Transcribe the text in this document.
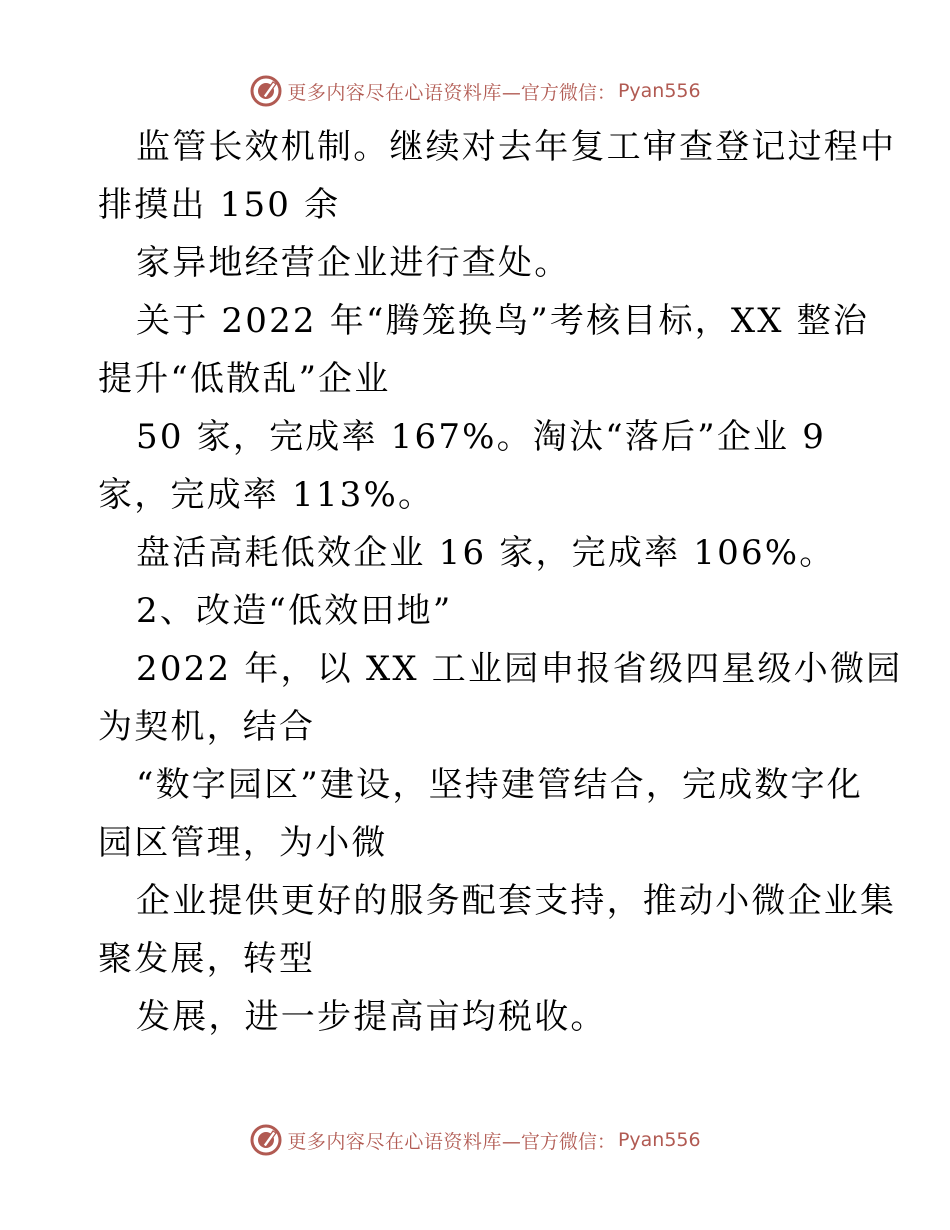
更多内容尽在心语资料库 —官方微信： Pyan556
监管长效机制。继续对去年复工审查登记过程中
排摸出 150 余
家异地经营企业进行查处。
关于 2022 年“腾笼换鸟”考核目标，XX 整治
提升“低散乱”企业
50 家，完成率 167%。淘汰“落后”企业 9
家，完成率 113%。
盘活高耗低效企业 16 家，完成率 106%。
2、改造“低效田地”
2022 年，以 XX 工业园申报省级四星级小微园
为契机，结合
“数字园区”建设，坚持建管结合，完成数字化
园区管理，为小微
企业提供更好的服务配套支持，推动小微企业集
聚发展，转型
发展，进一步提高亩均税收。
更多内容尽在心语资料库 —官方微信： Pyan556
